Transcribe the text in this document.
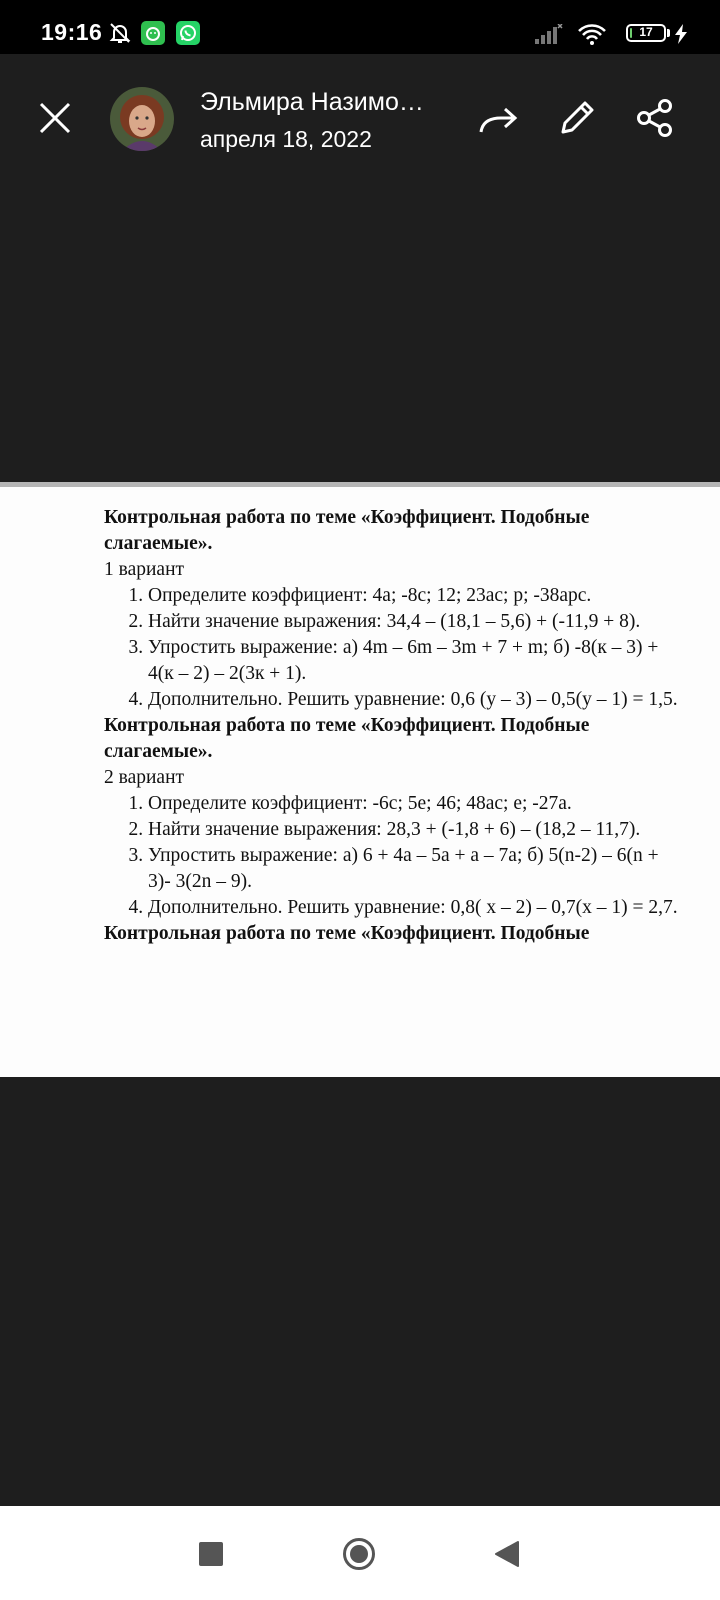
19:16	17
Эльмира Назимо…
апреля 18, 2022
Контрольная работа по теме «Коэффициент. Подобные слагаемые».
1 вариант
1. Определите коэффициент: 4а; -8с; 12; 23ас; р; -38арс.
2. Найти значение выражения: 34,4 – (18,1 – 5,6) + (-11,9 + 8).
3. Упростить выражение: а) 4m – 6m – 3m + 7 + m; б) -8(к – 3) + 4(к – 2) – 2(3к + 1).
4. Дополнительно. Решить уравнение: 0,6 (у – 3) – 0,5(у – 1) = 1,5.
Контрольная работа по теме «Коэффициент. Подобные слагаемые».
2 вариант
1. Определите коэффициент: -6с; 5е; 46; 48ас; е; -27а.
2. Найти значение выражения: 28,3 + (-1,8 + 6) – (18,2 – 11,7).
3. Упростить выражение: а) 6 + 4а – 5а + а – 7а; б) 5(n-2) – 6(n + 3)- 3(2n – 9).
4. Дополнительно. Решить уравнение: 0,8( х – 2) – 0,7(х – 1) = 2,7.
Контрольная работа по теме «Коэффициент. Подобные
